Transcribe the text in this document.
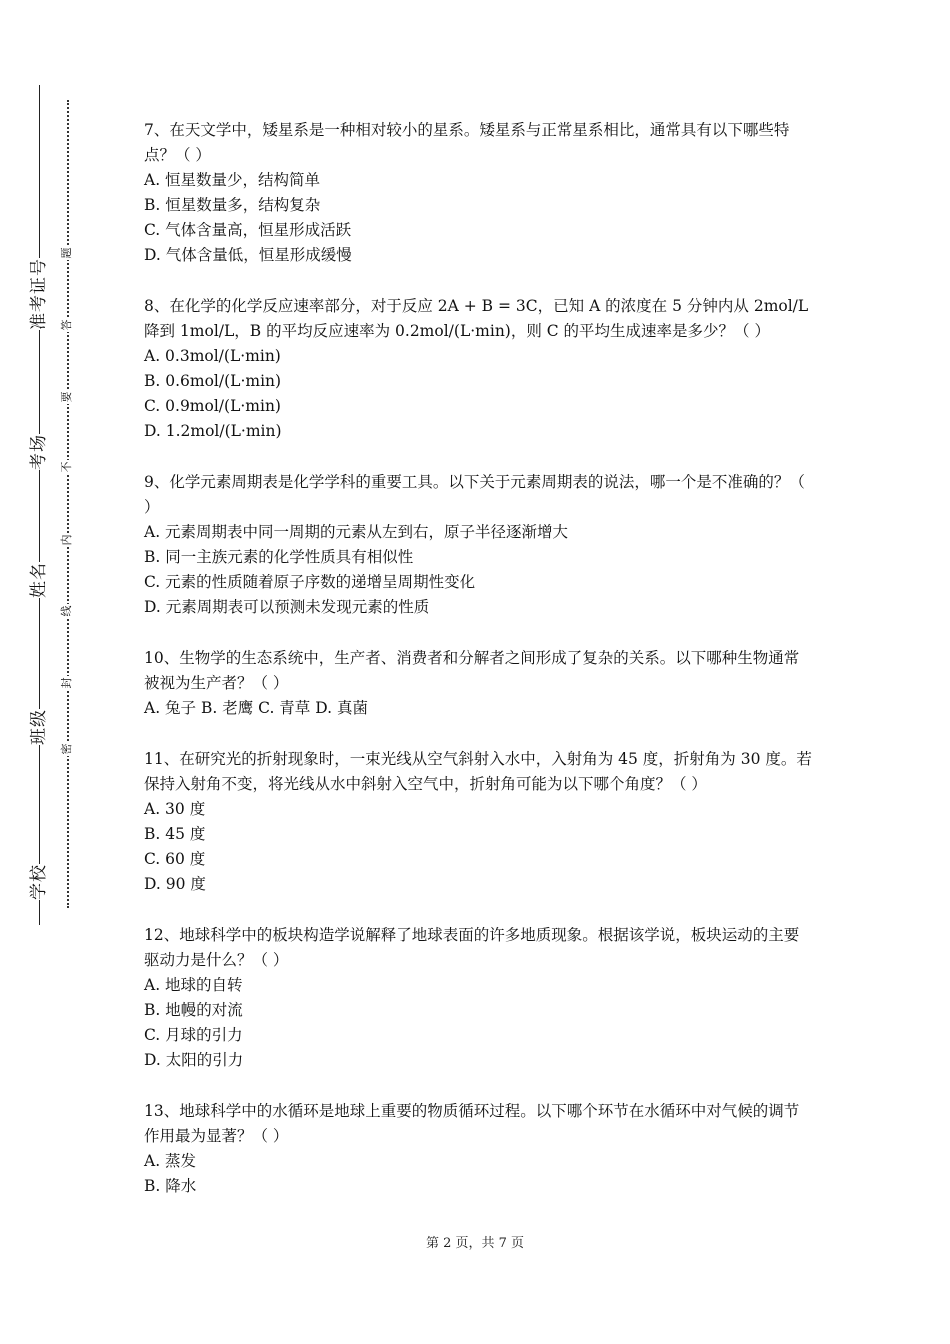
学校
班级
姓名
考场
准考证号
密
封
线
内
不
要
答
题

7、在天文学中，矮星系是一种相对较小的星系。矮星系与正常星系相比，通常具有以下哪些特点？（ ）

A. 恒星数量少，结构简单

B. 恒星数量多，结构复杂

C. 气体含量高，恒星形成活跃

D. 气体含量低，恒星形成缓慢

8、在化学的化学反应速率部分，对于反应 2A + B = 3C，已知 A 的浓度在 5 分钟内从 2mol/L 降到 1mol/L，B 的平均反应速率为 0.2mol/(L·min)，则 C 的平均生成速率是多少？（ ）

A. 0.3mol/(L·min)

B. 0.6mol/(L·min)

C. 0.9mol/(L·min)

D. 1.2mol/(L·min)

9、化学元素周期表是化学学科的重要工具。以下关于元素周期表的说法，哪一个是不准确的？（ ）

A. 元素周期表中同一周期的元素从左到右，原子半径逐渐增大

B. 同一主族元素的化学性质具有相似性

C. 元素的性质随着原子序数的递增呈周期性变化

D. 元素周期表可以预测未发现元素的性质

10、生物学的生态系统中，生产者、消费者和分解者之间形成了复杂的关系。以下哪种生物通常被视为生产者？（ ）

A. 兔子 B. 老鹰 C. 青草 D. 真菌

11、在研究光的折射现象时，一束光线从空气斜射入水中，入射角为 45 度，折射角为 30 度。若保持入射角不变，将光线从水中斜射入空气中，折射角可能为以下哪个角度？（ ）

A. 30 度

B. 45 度

C. 60 度

D. 90 度

12、地球科学中的板块构造学说解释了地球表面的许多地质现象。根据该学说，板块运动的主要驱动力是什么？（ ）

A. 地球的自转

B. 地幔的对流

C. 月球的引力

D. 太阳的引力

13、地球科学中的水循环是地球上重要的物质循环过程。以下哪个环节在水循环中对气候的调节作用最为显著？（ ）

A. 蒸发

B. 降水

第 2 页，共 7 页
